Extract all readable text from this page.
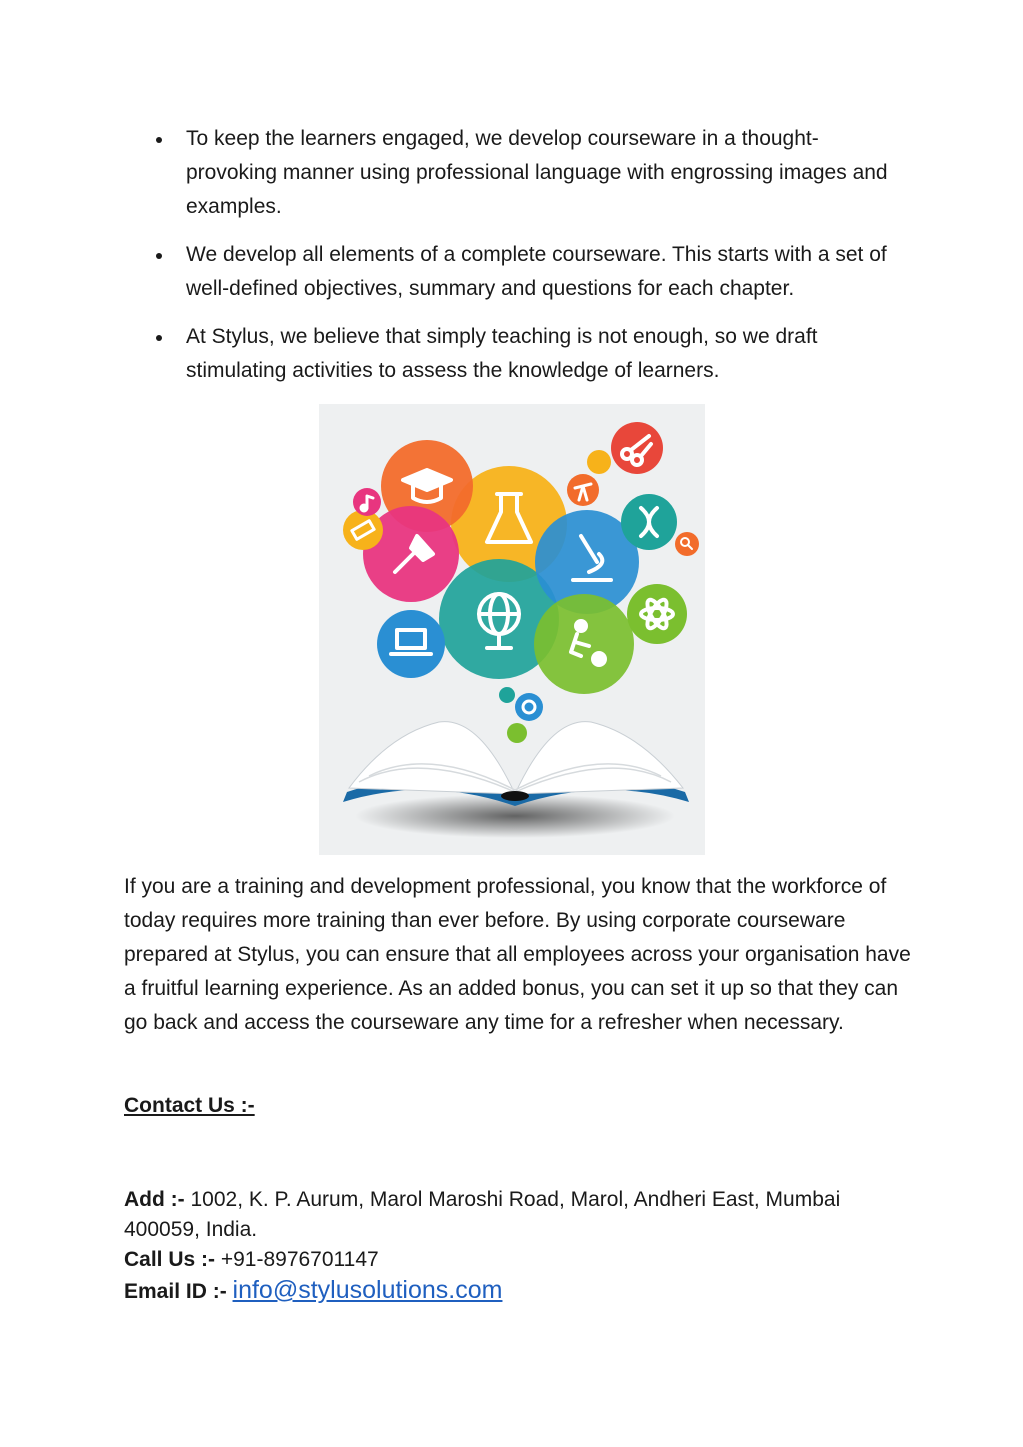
To keep the learners engaged, we develop courseware in a thought-provoking manner using professional language with engrossing images and examples.
We develop all elements of a complete courseware. This starts with a set of well-defined objectives, summary and questions for each chapter.
At Stylus, we believe that simply teaching is not enough, so we draft stimulating activities to assess the knowledge of learners.

If you are a training and development professional, you know that the workforce of today requires more training than ever before. By using corporate courseware prepared at Stylus, you can ensure that all employees across your organisation have a fruitful learning experience. As an added bonus, you can set it up so that they can go back and access the courseware any time for a refresher when necessary.

Contact Us :-

Add :- 1002, K. P. Aurum, Marol Maroshi Road, Marol, Andheri East, Mumbai 400059, India.
Call Us :- +91-8976701147
Email ID :- info@stylusolutions.com
